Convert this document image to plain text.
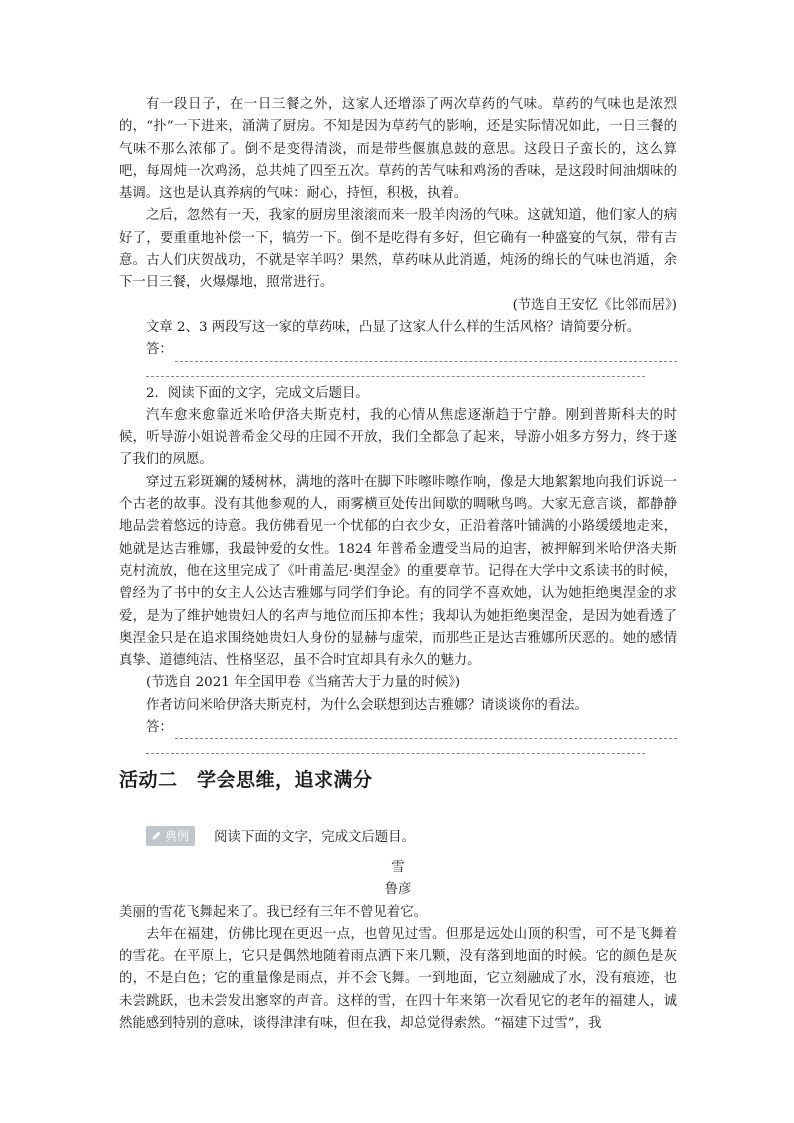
有一段日子，在一日三餐之外，这家人还增添了两次草药的气味。草药的气味也是浓烈的，“扑”一下进来，涌满了厨房。不知是因为草药气的影响，还是实际情况如此，一日三餐的气味不那么浓郁了。倒不是变得清淡，而是带些偃旗息鼓的意思。这段日子蛮长的，这么算吧，每周炖一次鸡汤，总共炖了四至五次。草药的苦气味和鸡汤的香味，是这段时间油烟味的基调。这也是认真养病的气味：耐心，持恒，积极，执着。

之后，忽然有一天，我家的厨房里滚滚而来一股羊肉汤的气味。这就知道，他们家人的病好了，要重重地补偿一下，犒劳一下。倒不是吃得有多好，但它确有一种盛宴的气氛，带有吉意。古人们庆贺战功，不就是宰羊吗？果然，草药味从此消遁，炖汤的绵长的气味也消遁，余下一日三餐，火爆爆地，照常进行。

(节选自王安忆《比邻而居》)

文章 2、3 两段写这一家的草药味，凸显了这家人什么样的生活风格？请简要分析。

答：

2．阅读下面的文字，完成文后题目。

汽车愈来愈靠近米哈伊洛夫斯克村，我的心情从焦虑逐渐趋于宁静。刚到普斯科夫的时候，听导游小姐说普希金父母的庄园不开放，我们全都急了起来，导游小姐多方努力，终于遂了我们的夙愿。

穿过五彩斑斓的矮树林，满地的落叶在脚下咔嚓咔嚓作响，像是大地絮絮地向我们诉说一个古老的故事。没有其他参观的人，雨雾横亘处传出间歇的啁啾鸟鸣。大家无意言谈，都静静地品尝着悠远的诗意。我仿佛看见一个忧郁的白衣少女，正沿着落叶铺满的小路缓缓地走来，她就是达吉雅娜，我最钟爱的女性。1824 年普希金遭受当局的迫害，被押解到米哈伊洛夫斯克村流放，他在这里完成了《叶甫盖尼·奥涅金》的重要章节。记得在大学中文系读书的时候，曾经为了书中的女主人公达吉雅娜与同学们争论。有的同学不喜欢她，认为她拒绝奥涅金的求爱，是为了维护她贵妇人的名声与地位而压抑本性；我却认为她拒绝奥涅金，是因为她看透了奥涅金只是在追求围绕她贵妇人身份的显赫与虚荣，而那些正是达吉雅娜所厌恶的。她的感情真挚、道德纯洁、性格坚忍，虽不合时宜却具有永久的魅力。

(节选自 2021 年全国甲卷《当痛苦大于力量的时候》)

作者访问米哈伊洛夫斯克村，为什么会联想到达吉雅娜？请谈谈你的看法。

答：
活动二　学会思维，追求满分
典例 阅读下面的文字，完成文后题目。

雪

鲁彦

美丽的雪花飞舞起来了。我已经有三年不曾见着它。

去年在福建，仿佛比现在更迟一点，也曾见过雪。但那是远处山顶的积雪，可不是飞舞着的雪花。在平原上，它只是偶然地随着雨点洒下来几颗，没有落到地面的时候。它的颜色是灰的，不是白色；它的重量像是雨点，并不会飞舞。一到地面，它立刻融成了水，没有痕迹，也未尝跳跃，也未尝发出窸窣的声音。这样的雪，在四十年来第一次看见它的老年的福建人，诚然能感到特别的意味，谈得津津有味，但在我，却总觉得索然。“福建下过雪”，我
